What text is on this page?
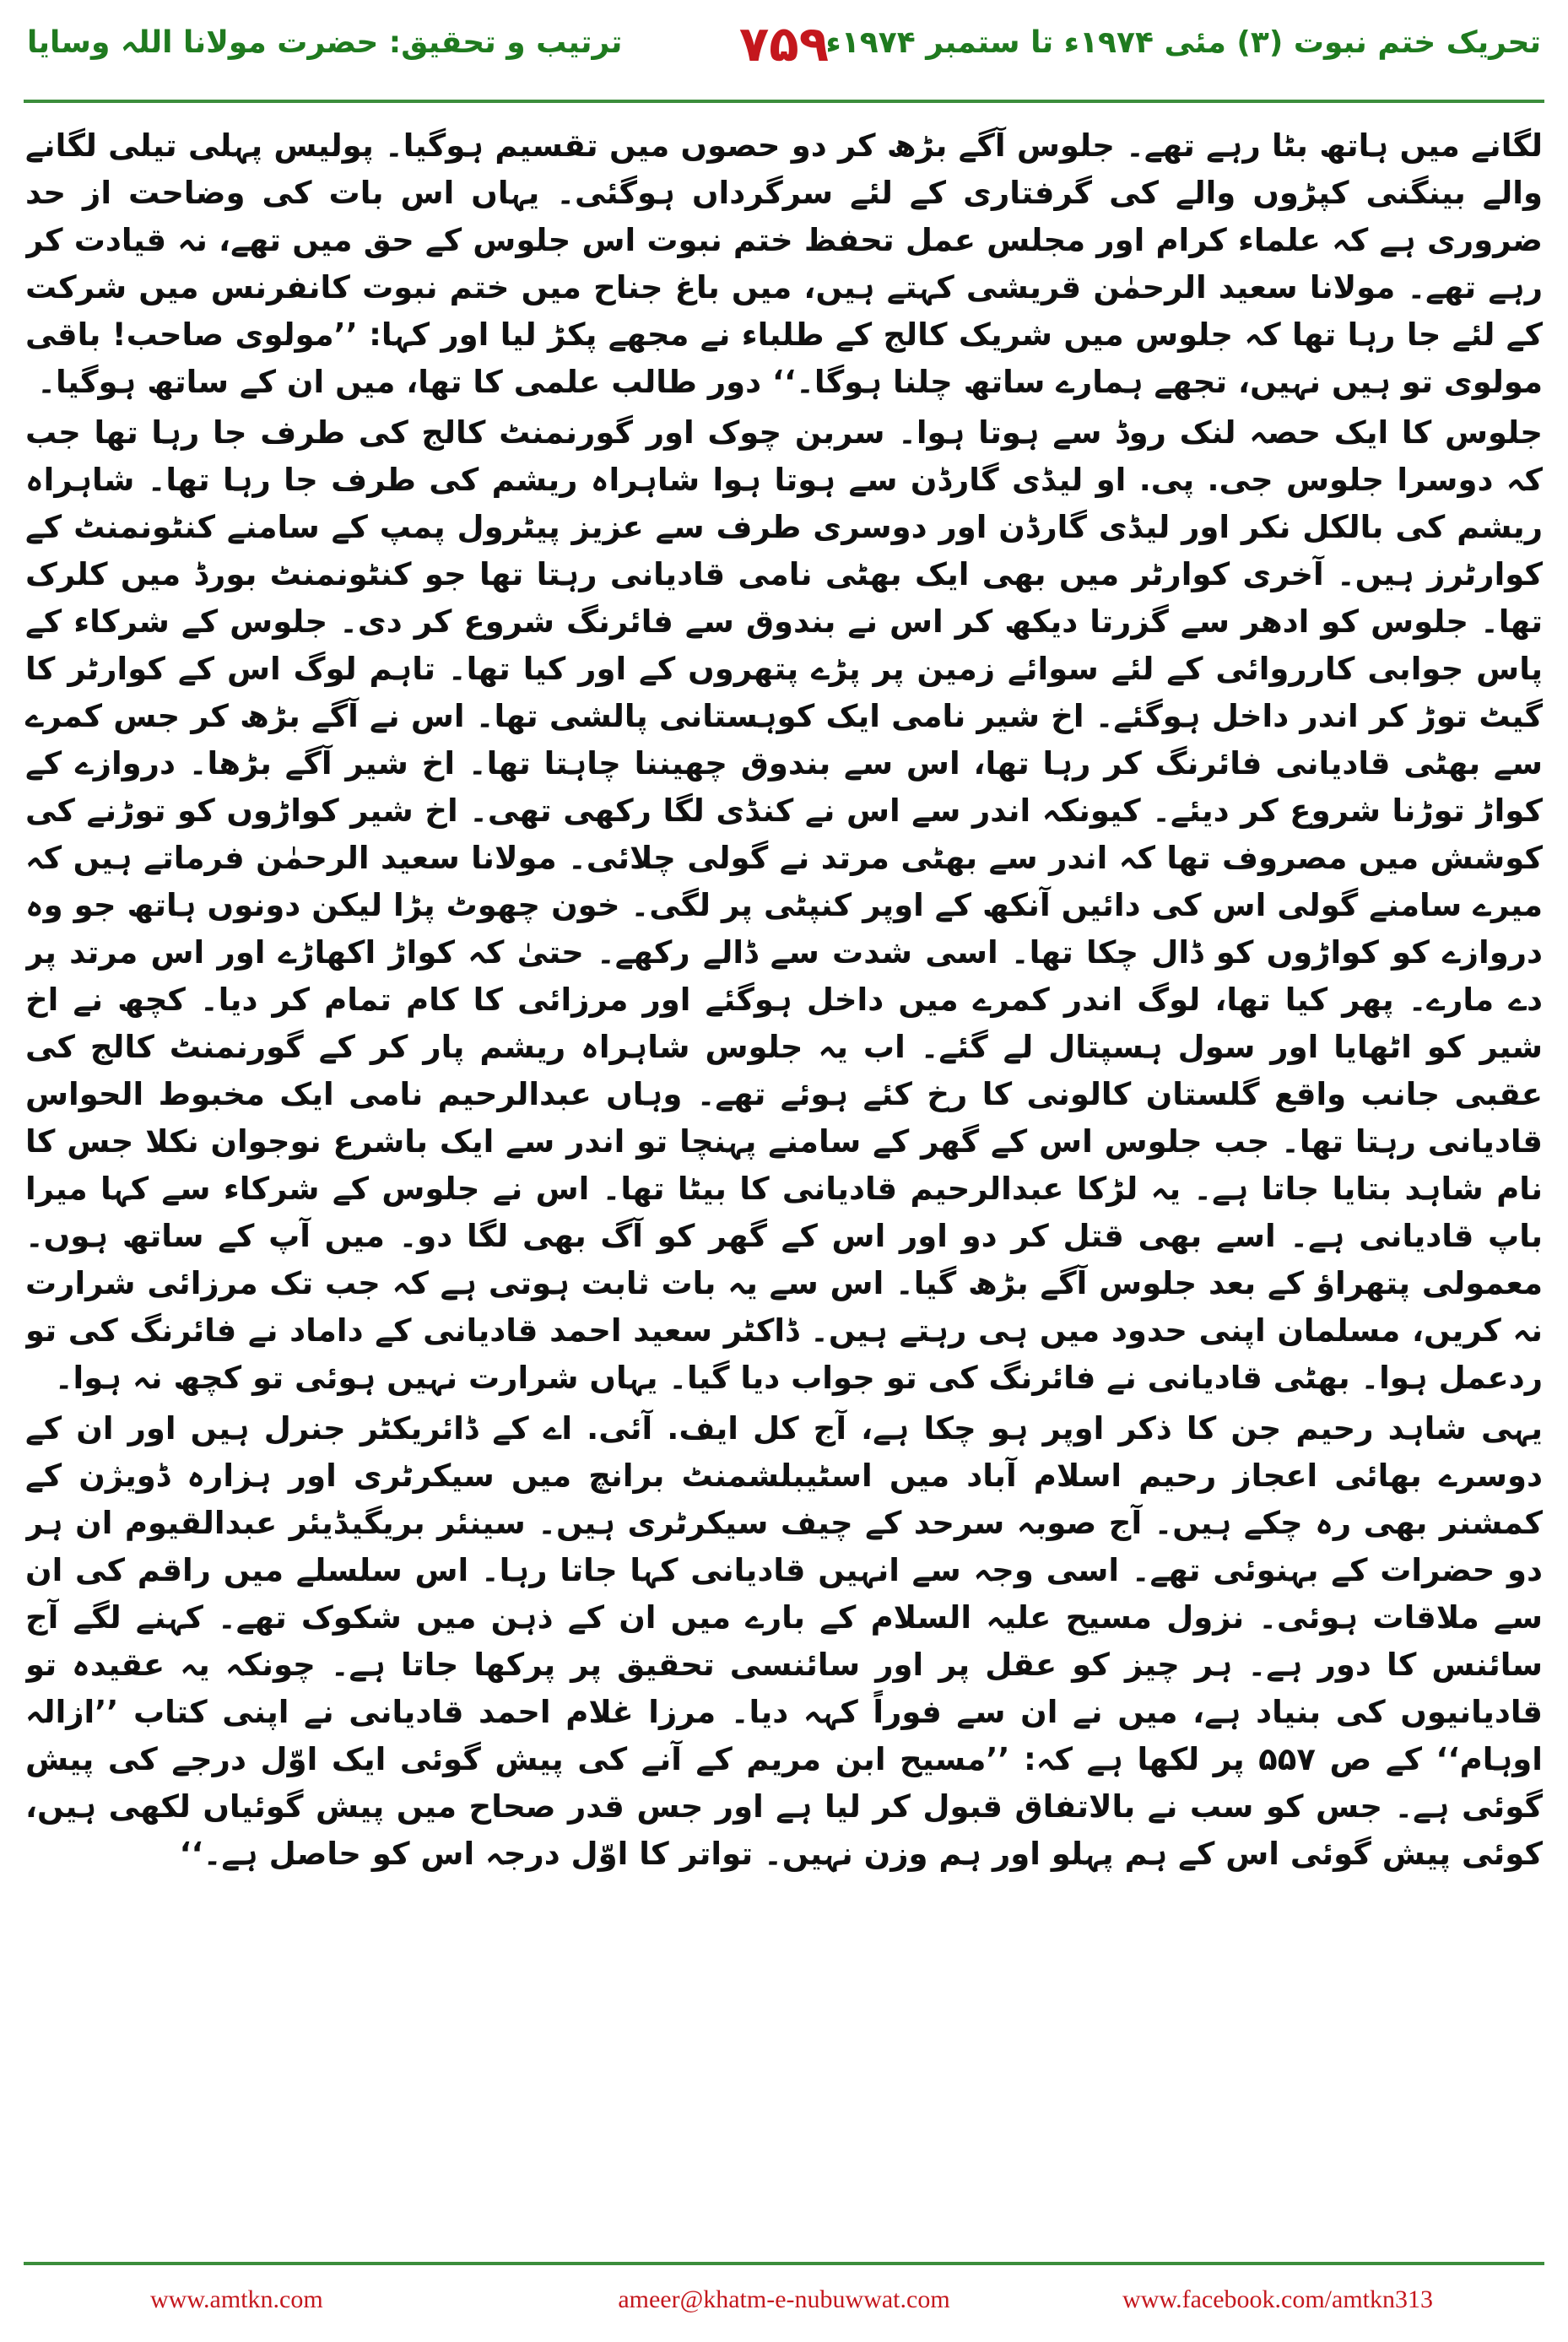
ترتیب و تحقیق: حضرت مولانا اللہ وسایا	۷۵۹
تحریک ختم نبوت (۳) مئی ۱۹۷۴ء تا ستمبر ۱۹۷۴ء

لگانے میں ہاتھ بٹا رہے تھے۔ جلوس آگے بڑھ کر دو حصوں میں تقسیم ہوگیا۔ پولیس پہلی تیلی لگانے والے بینگنی کپڑوں والے کی گرفتاری کے لئے سرگرداں ہوگئی۔ یہاں اس بات کی وضاحت از حد ضروری ہے کہ علماء کرام اور مجلس عمل تحفظ ختم نبوت اس جلوس کے حق میں تھے، نہ قیادت کر رہے تھے۔ مولانا سعید الرحمٰن قریشی کہتے ہیں، میں باغ جناح میں ختم نبوت کانفرنس میں شرکت کے لئے جا رہا تھا کہ جلوس میں شریک کالج کے طلباء نے مجھے پکڑ لیا اور کہا: ’’مولوی صاحب! باقی مولوی تو ہیں نہیں، تجھے ہمارے ساتھ چلنا ہوگا۔‘‘ دور طالب علمی کا تھا، میں ان کے ساتھ ہوگیا۔

جلوس کا ایک حصہ لنک روڈ سے ہوتا ہوا۔ سربن چوک اور گورنمنٹ کالج کی طرف جا رہا تھا جب کہ دوسرا جلوس جی. پی. او لیڈی گارڈن سے ہوتا ہوا شاہراہ ریشم کی طرف جا رہا تھا۔ شاہراہ ریشم کی بالکل نکر اور لیڈی گارڈن اور دوسری طرف سے عزیز پیٹرول پمپ کے سامنے کنٹونمنٹ کے کوارٹرز ہیں۔ آخری کوارٹر میں بھی ایک بھٹی نامی قادیانی رہتا تھا جو کنٹونمنٹ بورڈ میں کلرک تھا۔ جلوس کو ادھر سے گزرتا دیکھ کر اس نے بندوق سے فائرنگ شروع کر دی۔ جلوس کے شرکاء کے پاس جوابی کارروائی کے لئے سوائے زمین پر پڑے پتھروں کے اور کیا تھا۔ تاہم لوگ اس کے کوارٹر کا گیٹ توڑ کر اندر داخل ہوگئے۔ اخ شیر نامی ایک کوہستانی پالشی تھا۔ اس نے آگے بڑھ کر جس کمرے سے بھٹی قادیانی فائرنگ کر رہا تھا، اس سے بندوق چھیننا چاہتا تھا۔ اخ شیر آگے بڑھا۔ دروازے کے کواڑ توڑنا شروع کر دیئے۔ کیونکہ اندر سے اس نے کنڈی لگا رکھی تھی۔ اخ شیر کواڑوں کو توڑنے کی کوشش میں مصروف تھا کہ اندر سے بھٹی مرتد نے گولی چلائی۔ مولانا سعید الرحمٰن فرماتے ہیں کہ میرے سامنے گولی اس کی دائیں آنکھ کے اوپر کنپٹی پر لگی۔ خون چھوٹ پڑا لیکن دونوں ہاتھ جو وہ دروازے کو کواڑوں کو ڈال چکا تھا۔ اسی شدت سے ڈالے رکھے۔ حتیٰ کہ کواڑ اکھاڑے اور اس مرتد پر دے مارے۔ پھر کیا تھا، لوگ اندر کمرے میں داخل ہوگئے اور مرزائی کا کام تمام کر دیا۔ کچھ نے اخ شیر کو اٹھایا اور سول ہسپتال لے گئے۔ اب یہ جلوس شاہراہ ریشم پار کر کے گورنمنٹ کالج کی عقبی جانب واقع گلستان کالونی کا رخ کئے ہوئے تھے۔ وہاں عبدالرحیم نامی ایک مخبوط الحواس قادیانی رہتا تھا۔ جب جلوس اس کے گھر کے سامنے پہنچا تو اندر سے ایک باشرع نوجوان نکلا جس کا نام شاہد بتایا جاتا ہے۔ یہ لڑکا عبدالرحیم قادیانی کا بیٹا تھا۔ اس نے جلوس کے شرکاء سے کہا میرا باپ قادیانی ہے۔ اسے بھی قتل کر دو اور اس کے گھر کو آگ بھی لگا دو۔ میں آپ کے ساتھ ہوں۔ معمولی پتھراؤ کے بعد جلوس آگے بڑھ گیا۔ اس سے یہ بات ثابت ہوتی ہے کہ جب تک مرزائی شرارت نہ کریں، مسلمان اپنی حدود میں ہی رہتے ہیں۔ ڈاکٹر سعید احمد قادیانی کے داماد نے فائرنگ کی تو ردعمل ہوا۔ بھٹی قادیانی نے فائرنگ کی تو جواب دیا گیا۔ یہاں شرارت نہیں ہوئی تو کچھ نہ ہوا۔

یہی شاہد رحیم جن کا ذکر اوپر ہو چکا ہے، آج کل ایف. آئی. اے کے ڈائریکٹر جنرل ہیں اور ان کے دوسرے بھائی اعجاز رحیم اسلام آباد میں اسٹیبلشمنٹ برانچ میں سیکرٹری اور ہزارہ ڈویژن کے کمشنر بھی رہ چکے ہیں۔ آج صوبہ سرحد کے چیف سیکرٹری ہیں۔ سینئر بریگیڈیئر عبدالقیوم ان ہر دو حضرات کے بہنوئی تھے۔ اسی وجہ سے انہیں قادیانی کہا جاتا رہا۔ اس سلسلے میں راقم کی ان سے ملاقات ہوئی۔ نزول مسیح علیہ السلام کے بارے میں ان کے ذہن میں شکوک تھے۔ کہنے لگے آج سائنس کا دور ہے۔ ہر چیز کو عقل پر اور سائنسی تحقیق پر پرکھا جاتا ہے۔ چونکہ یہ عقیدہ تو قادیانیوں کی بنیاد ہے، میں نے ان سے فوراً کہہ دیا۔ مرزا غلام احمد قادیانی نے اپنی کتاب ’’ازالہ اوہام‘‘ کے ص ۵۵۷ پر لکھا ہے کہ: ’’مسیح ابن مریم کے آنے کی پیش گوئی ایک اوّل درجے کی پیش گوئی ہے۔ جس کو سب نے بالاتفاق قبول کر لیا ہے اور جس قدر صحاح میں پیش گوئیاں لکھی ہیں، کوئی پیش گوئی اس کے ہم پہلو اور ہم وزن نہیں۔ تواتر کا اوّل درجہ اس کو حاصل ہے۔‘‘

www.amtkn.com	ameer@khatm-e-nubuwwat.com	www.facebook.com/amtkn313
